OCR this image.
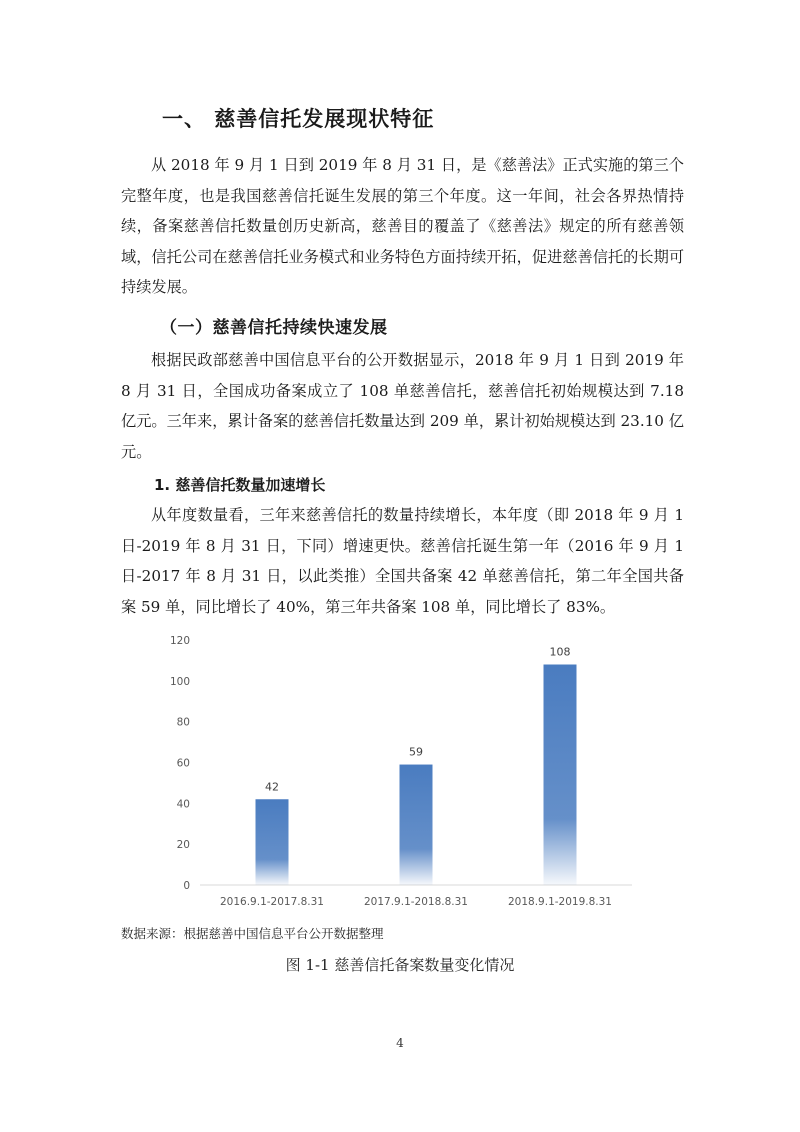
一、 慈善信托发展现状特征

从 2018 年 9 月 1 日到 2019 年 8 月 31 日，是《慈善法》正式实施的第三个完整年度，也是我国慈善信托诞生发展的第三个年度。这一年间，社会各界热情持续，备案慈善信托数量创历史新高，慈善目的覆盖了《慈善法》规定的所有慈善领域，信托公司在慈善信托业务模式和业务特色方面持续开拓，促进慈善信托的长期可持续发展。

（一）慈善信托持续快速发展

根据民政部慈善中国信息平台的公开数据显示，2018 年 9 月 1 日到 2019 年 8 月 31 日，全国成功备案成立了 108 单慈善信托，慈善信托初始规模达到 7.18 亿元。三年来，累计备案的慈善信托数量达到 209 单，累计初始规模达到 23.10 亿元。

1. 慈善信托数量加速增长

从年度数量看，三年来慈善信托的数量持续增长，本年度（即 2018 年 9 月 1 日-2019 年 8 月 31 日，下同）增速更快。慈善信托诞生第一年（2016 年 9 月 1 日-2017 年 8 月 31 日，以此类推）全国共备案 42 单慈善信托，第二年全国共备案 59 单，同比增长了 40%，第三年共备案 108 单，同比增长了 83%。

0
20
40
60
80
100
120
42
2016.9.1-2017.8.31
59
2017.9.1-2018.8.31
108
2018.9.1-2019.8.31
数据来源：根据慈善中国信息平台公开数据整理
图 1-1 慈善信托备案数量变化情况
4
